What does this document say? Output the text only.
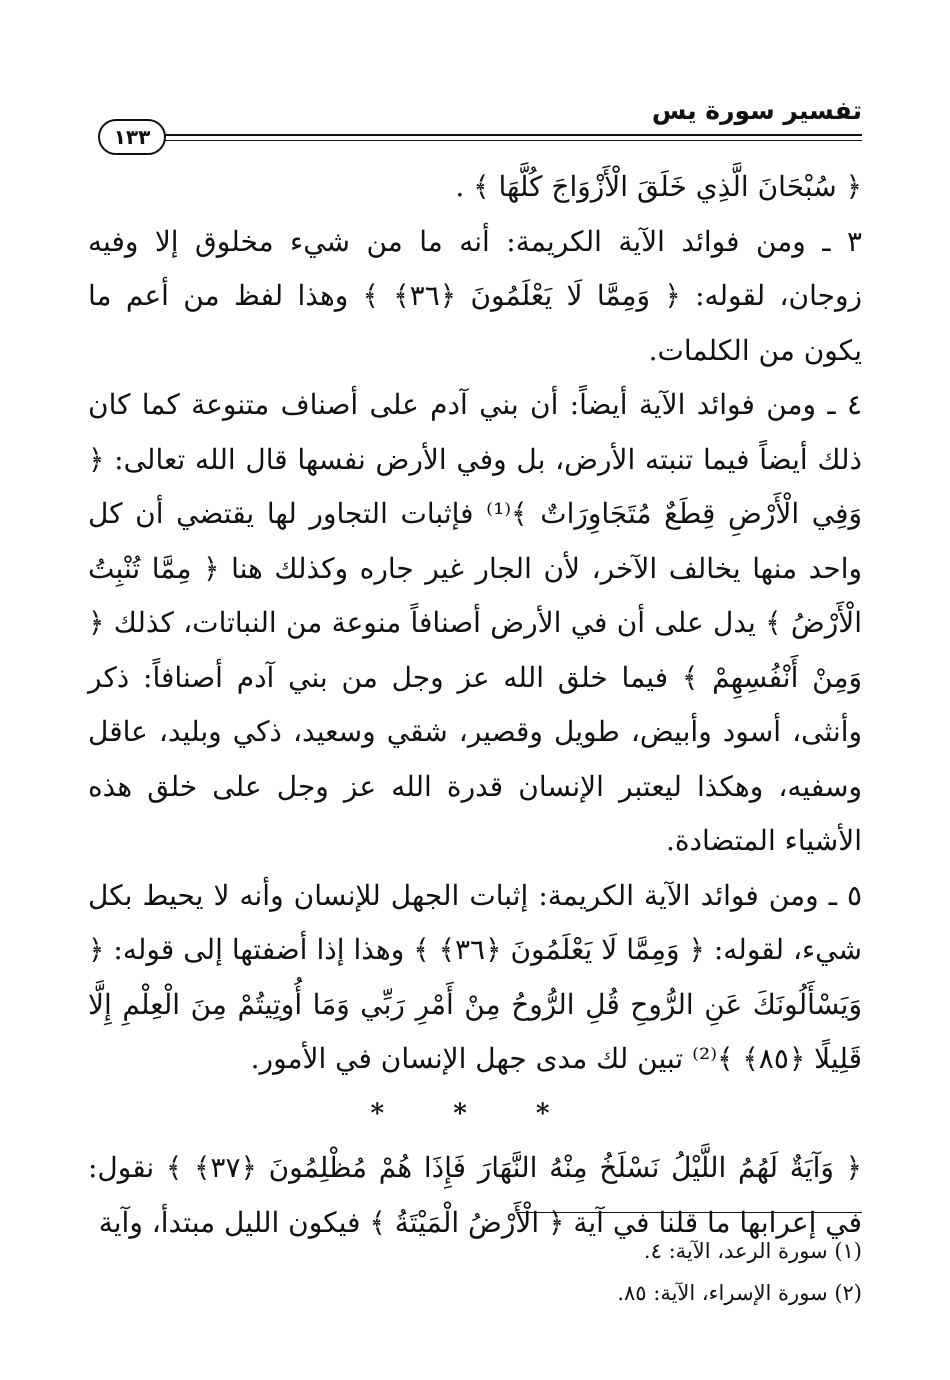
تفسير سورة يس
١٣٣

﴿ سُبْحَانَ الَّذِي خَلَقَ الْأَزْوَاجَ كُلَّهَا ﴾ .

٣ ـ ومن فوائد الآية الكريمة: أنه ما من شيء مخلوق إلا وفيه زوجان، لقوله: ﴿ وَمِمَّا لَا يَعْلَمُونَ ﴿٣٦﴾ ﴾ وهذا لفظ من أعم ما يكون من الكلمات.

٤ ـ ومن فوائد الآية أيضاً: أن بني آدم على أصناف متنوعة كما كان ذلك أيضاً فيما تنبته الأرض، بل وفي الأرض نفسها قال الله تعالى: ﴿ وَفِي الْأَرْضِ قِطَعٌ مُتَجَاوِرَاتٌ ﴾⁽¹⁾ فإثبات التجاور لها يقتضي أن كل واحد منها يخالف الآخر، لأن الجار غير جاره وكذلك هنا ﴿ مِمَّا تُنْبِتُ الْأَرْضُ ﴾ يدل على أن في الأرض أصنافاً منوعة من النباتات، كذلك ﴿ وَمِنْ أَنْفُسِهِمْ ﴾ فيما خلق الله عز وجل من بني آدم أصنافاً: ذكر وأنثى، أسود وأبيض، طويل وقصير، شقي وسعيد، ذكي وبليد، عاقل وسفيه، وهكذا ليعتبر الإنسان قدرة الله عز وجل على خلق هذه الأشياء المتضادة.

٥ ـ ومن فوائد الآية الكريمة: إثبات الجهل للإنسان وأنه لا يحيط بكل شيء، لقوله: ﴿ وَمِمَّا لَا يَعْلَمُونَ ﴿٣٦﴾ ﴾ وهذا إذا أضفتها إلى قوله: ﴿ وَيَسْأَلُونَكَ عَنِ الرُّوحِ قُلِ الرُّوحُ مِنْ أَمْرِ رَبِّي وَمَا أُوتِيتُمْ مِنَ الْعِلْمِ إِلَّا قَلِيلًا ﴿٨٥﴾ ﴾⁽²⁾ تبين لك مدى جهل الإنسان في الأمور.

* * *

﴿ وَآيَةٌ لَهُمُ اللَّيْلُ نَسْلَخُ مِنْهُ النَّهَارَ فَإِذَا هُمْ مُظْلِمُونَ ﴿٣٧﴾ ﴾ نقول: في إعرابها ما قلنا في آية ﴿ الْأَرْضُ الْمَيْتَةُ ﴾ فيكون الليل مبتدأ، وآية

(١) سورة الرعد، الآية: ٤.

(٢) سورة الإسراء، الآية: ٨٥.
